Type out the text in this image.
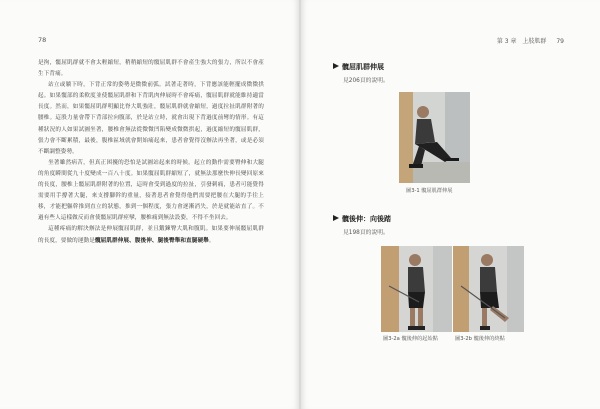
78

是拘，髖屈肌群就不會太輕縮短，稍稍縮短的髖屈肌群不會產生強大的張力，所以不會產生下背痛。

站立或躺下時，下背正常的姿勢是微微前弧。試著走著時，下背應該能輕擺成微微拱起。如果髖部的柔軟度並使髖屈肌群和下背肌肉伸展時不會疼痛，髖屈肌群就能維持適當長度。然而，如果髖屈肌群明顯比脊大肌強壯，髖屈肌群就會縮短，過度拉扯肌群附著的腰椎。這股力量會帶下背部拉向腹部，於是站立時，就會出現下背過度前彎的情形。有這種狀況的人如果試圖坐著，腰椎會無法從微微凹陷變成微微拱起，過度縮短的髖屈肌群，張力會不斷累積，最後，腹椎區域就會開始痛起來，患者會覺得沒辦法再坐著，或是必須不斷調整姿勢。

坐著雖然病苦，但真正困擾的恐怕是試圖站起來的時候。起立的動作需要臀伸和大腿的角度瞬間從九十度變成一百八十度。如果髖屈肌群縮短了，就無法那麼快伸長變回原來的長度，腰椎上髖屈肌群附著的位置，這時會受到過度的拉扯，引發刺痛，患者可能覺得需要用手撐著大腿，來支撐腳幹的重量，接著患者會覺得他們需要把腰在大腿的手往上移，才能把軀幹推到直立的狀態，推到一個程度，張力會逐漸消失，於是就能站直了。不過有些人這樣做反而會使髖屈肌群痙攣，腰椎痛到無法設姿，不得不坐回去。

這種疼痛的解決辦法是伸展髖屈肌群，並且鍛鍊臀大肌和腹肌。如果要伸展髖屈肌群的長度，要做的運動是髖屈肌群伸展、腹後伸、腿後臀舉和直腿硬舉。

第 3 章 上肢肌群 79
髖屈肌群伸展
見206頁的說明。
圖3-1 髖屈肌群伸展
髖後伸：向後踏
見198頁的說明。
圖3-2a 髖後伸的起始點	圖3-2b 髖後伸的終點
